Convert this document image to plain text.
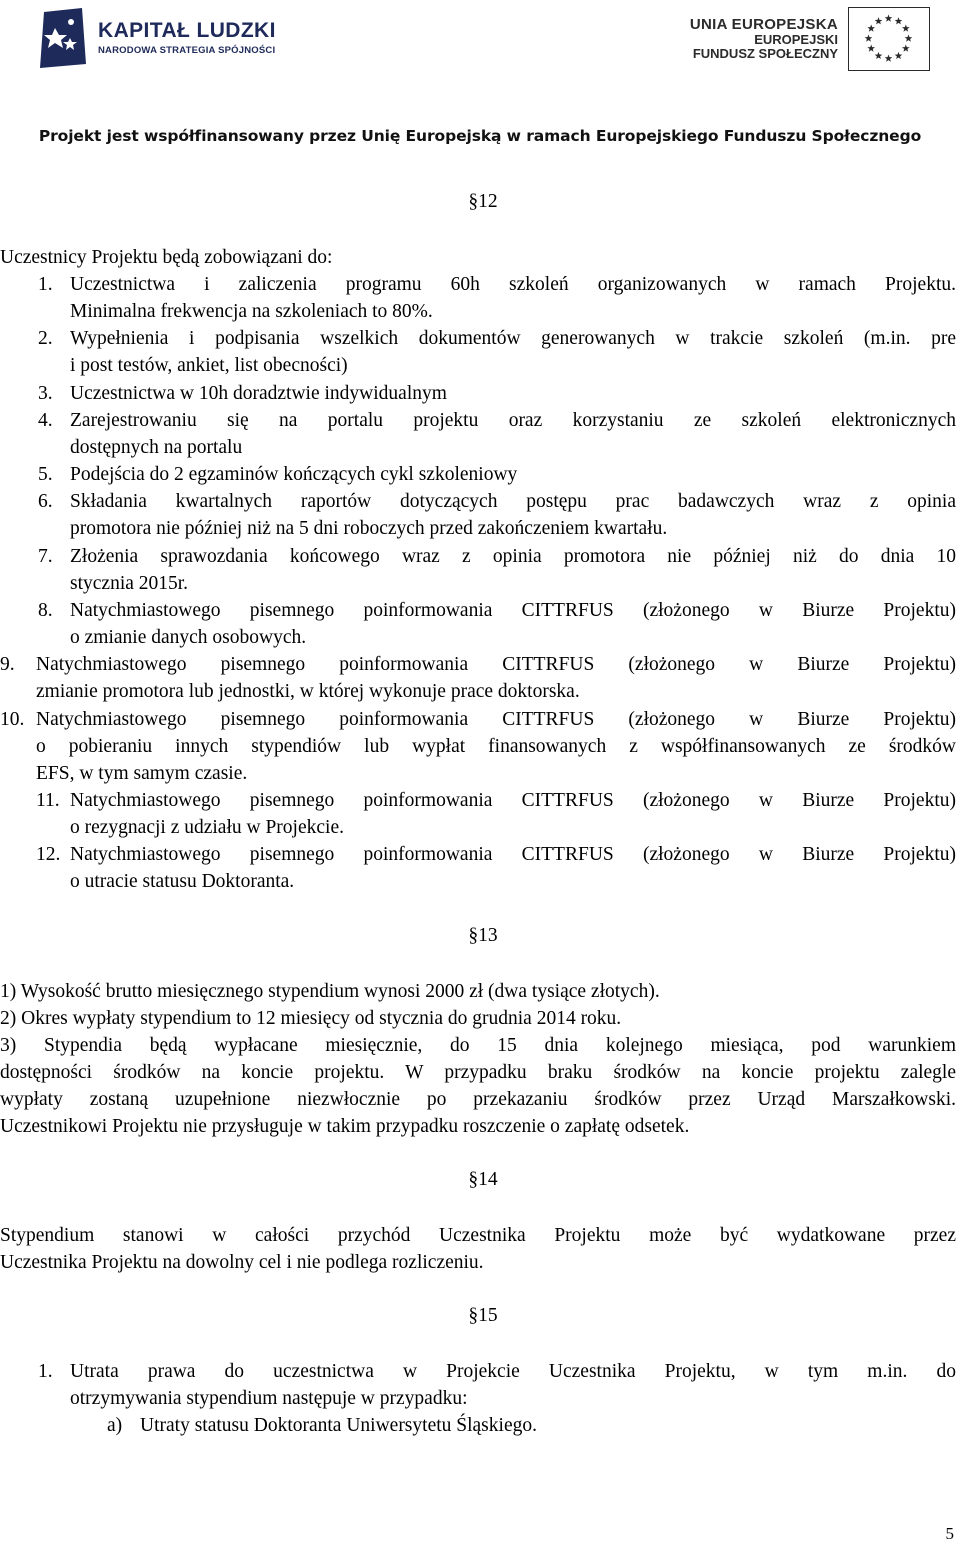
KAPITAŁ LUDZKI
NARODOWA STRATEGIA SPÓJNOŚCI
UNIA EUROPEJSKA
EUROPEJSKI
FUNDUSZ SPOŁECZNY
Projekt jest współfinansowany przez Unię Europejską w ramach Europejskiego Funduszu Społecznego
§12
Uczestnicy Projektu będą zobowiązani do:
1. Uczestnictwa i zaliczenia programu 60h szkoleń organizowanych w ramach Projektu.
Minimalna frekwencja na szkoleniach to 80%.
2. Wypełnienia i podpisania wszelkich dokumentów generowanych w trakcie szkoleń (m.in. pre
i post testów, ankiet, list obecności)
3. Uczestnictwa w 10h doradztwie indywidualnym
4. Zarejestrowaniu się na portalu projektu oraz korzystaniu ze szkoleń elektronicznych
dostępnych na portalu
5. Podejścia do 2 egzaminów kończących cykl szkoleniowy
6. Składania kwartalnych raportów dotyczących postępu prac badawczych wraz z opinia
promotora nie później niż na 5 dni roboczych przed zakończeniem kwartału.
7. Złożenia sprawozdania końcowego wraz z opinia promotora nie później niż do dnia 10
stycznia 2015r.
8. Natychmiastowego pisemnego poinformowania CITTRFUS (złożonego w Biurze Projektu)
o zmianie danych osobowych.
9. Natychmiastowego pisemnego poinformowania CITTRFUS (złożonego w Biurze Projektu)
zmianie promotora lub jednostki, w której wykonuje prace doktorska.
10. Natychmiastowego pisemnego poinformowania CITTRFUS (złożonego w Biurze Projektu)
o pobieraniu innych stypendiów lub wypłat finansowanych z współfinansowanych ze środków
EFS, w tym samym czasie.
11. Natychmiastowego pisemnego poinformowania CITTRFUS (złożonego w Biurze Projektu)
o rezygnacji z udziału w Projekcie.
12. Natychmiastowego pisemnego poinformowania CITTRFUS (złożonego w Biurze Projektu)
o utracie statusu Doktoranta.
§13
1) Wysokość brutto miesięcznego stypendium wynosi 2000 zł (dwa tysiące złotych).
2) Okres wypłaty stypendium to 12 miesięcy od stycznia do grudnia 2014 roku.
3) Stypendia będą wypłacane miesięcznie, do 15 dnia kolejnego miesiąca, pod warunkiem
dostępności środków na koncie projektu. W przypadku braku środków na koncie projektu zalegle
wypłaty zostaną uzupełnione niezwłocznie po przekazaniu środków przez Urząd Marszałkowski.
Uczestnikowi Projektu nie przysługuje w takim przypadku roszczenie o zapłatę odsetek.
§14
Stypendium stanowi w całości przychód Uczestnika Projektu może być wydatkowane przez
Uczestnika Projektu na dowolny cel i nie podlega rozliczeniu.
§15
1. Utrata prawa do uczestnictwa w Projekcie Uczestnika Projektu, w tym m.in. do
otrzymywania stypendium następuje w przypadku:
a) Utraty statusu Doktoranta Uniwersytetu Śląskiego.
5
